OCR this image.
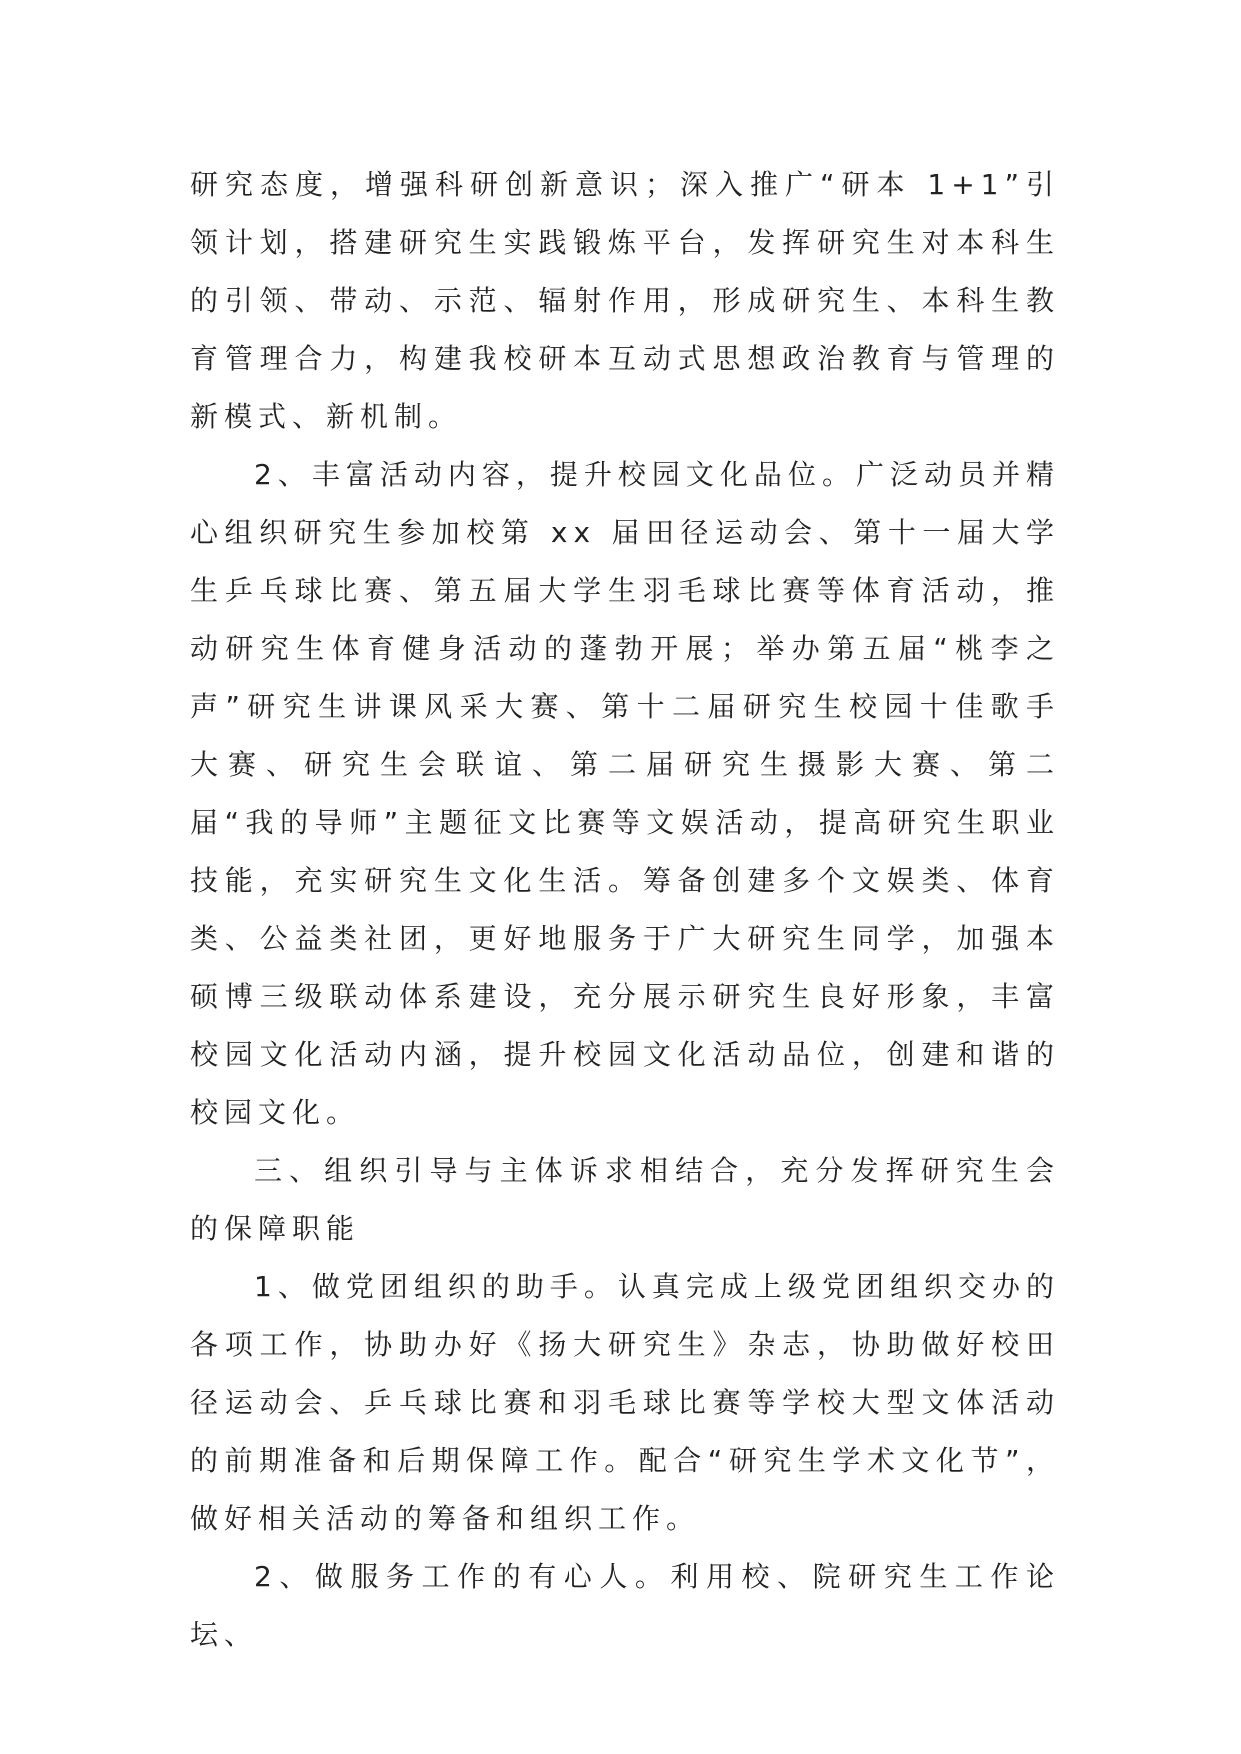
研究态度，增强科研创新意识；深入推广“研本 1+1”引领计划，搭建研究生实践锻炼平台，发挥研究生对本科生的引领、带动、示范、辐射作用，形成研究生、本科生教育管理合力，构建我校研本互动式思想政治教育与管理的新模式、新机制。

2、丰富活动内容，提升校园文化品位。广泛动员并精心组织研究生参加校第 xx 届田径运动会、第十一届大学生乒乓球比赛、第五届大学生羽毛球比赛等体育活动，推动研究生体育健身活动的蓬勃开展；举办第五届“桃李之声”研究生讲课风采大赛、第十二届研究生校园十佳歌手大赛、研究生会联谊、第二届研究生摄影大赛、第二届“我的导师”主题征文比赛等文娱活动，提高研究生职业技能，充实研究生文化生活。筹备创建多个文娱类、体育类、公益类社团，更好地服务于广大研究生同学，加强本硕博三级联动体系建设，充分展示研究生良好形象，丰富校园文化活动内涵，提升校园文化活动品位，创建和谐的校园文化。

三、组织引导与主体诉求相结合，充分发挥研究生会的保障职能

1、做党团组织的助手。认真完成上级党团组织交办的各项工作，协助办好《扬大研究生》杂志，协助做好校田径运动会、乒乓球比赛和羽毛球比赛等学校大型文体活动的前期准备和后期保障工作。配合“研究生学术文化节”，做好相关活动的筹备和组织工作。

2、做服务工作的有心人。利用校、院研究生工作论坛、
